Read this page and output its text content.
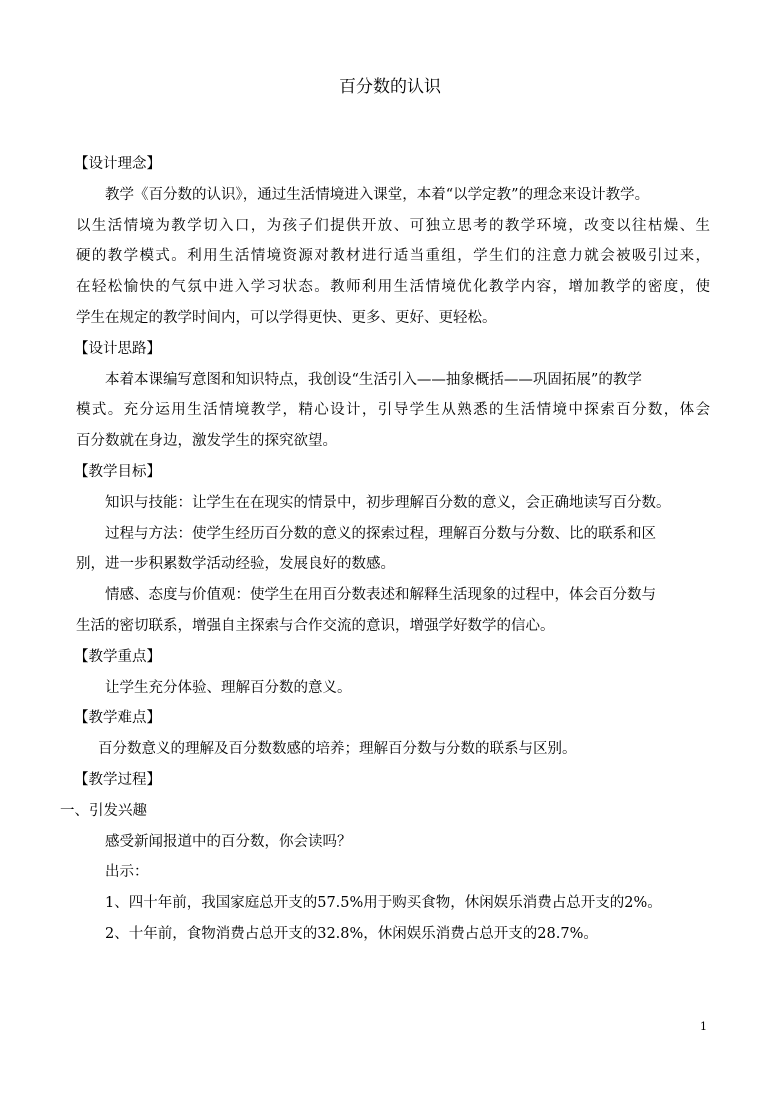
百分数的认识
【设计理念】
教学《百分数的认识》，通过生活情境进入课堂，本着“以学定教”的理念来设计教学。
以生活情境为教学切入口，为孩子们提供开放、可独立思考的教学环境，改变以往枯燥、生
硬的教学模式。利用生活情境资源对教材进行适当重组，学生们的注意力就会被吸引过来，
在轻松愉快的气氛中进入学习状态。教师利用生活情境优化教学内容，增加教学的密度，使
学生在规定的教学时间内，可以学得更快、更多、更好、更轻松。
【设计思路】
本着本课编写意图和知识特点，我创设“生活引入——抽象概括——巩固拓展”的教学
模式。充分运用生活情境教学，精心设计，引导学生从熟悉的生活情境中探索百分数，体会
百分数就在身边，激发学生的探究欲望。
【教学目标】
知识与技能：让学生在在现实的情景中，初步理解百分数的意义，会正确地读写百分数。
过程与方法：使学生经历百分数的意义的探索过程，理解百分数与分数、比的联系和区
别，进一步积累数学活动经验，发展良好的数感。
情感、态度与价值观：使学生在用百分数表述和解释生活现象的过程中，体会百分数与
生活的密切联系，增强自主探索与合作交流的意识，增强学好数学的信心。
【教学重点】
让学生充分体验、理解百分数的意义。
【教学难点】
百分数意义的理解及百分数数感的培养；理解百分数与分数的联系与区别。
【教学过程】
一、引发兴趣
感受新闻报道中的百分数，你会读吗？
出示：
1、四十年前，我国家庭总开支的57.5%用于购买食物，休闲娱乐消费占总开支的2%。
2、十年前，食物消费占总开支的32.8%，休闲娱乐消费占总开支的28.7%。
1
